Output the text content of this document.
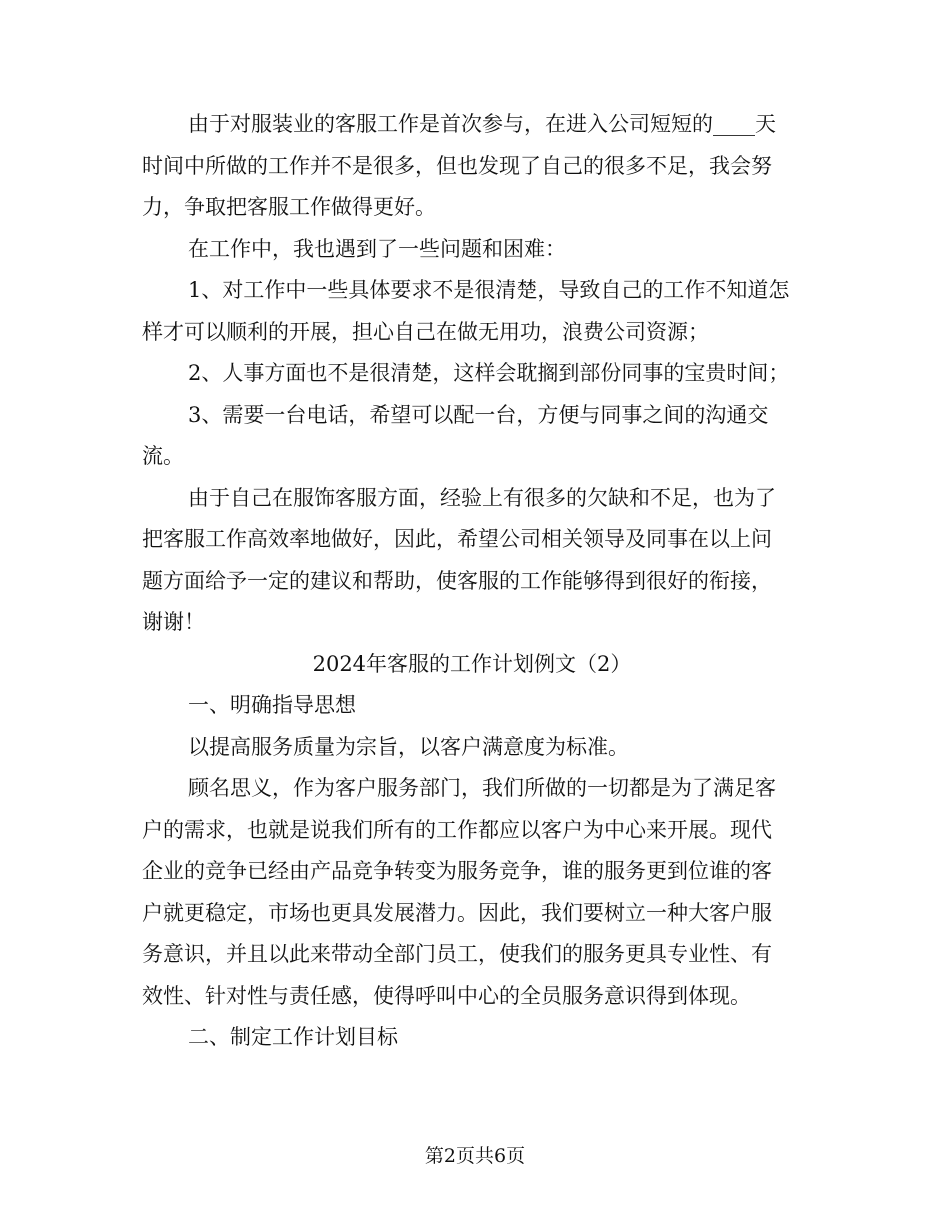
由于对服装业的客服工作是首次参与，在进入公司短短的____天
时间中所做的工作并不是很多，但也发现了自己的很多不足，我会努
力，争取把客服工作做得更好。
在工作中，我也遇到了一些问题和困难：
1、对工作中一些具体要求不是很清楚，导致自己的工作不知道怎
样才可以顺利的开展，担心自己在做无用功，浪费公司资源；
2、人事方面也不是很清楚，这样会耽搁到部份同事的宝贵时间；
3、需要一台电话，希望可以配一台，方便与同事之间的沟通交
流。
由于自己在服饰客服方面，经验上有很多的欠缺和不足，也为了
把客服工作高效率地做好，因此，希望公司相关领导及同事在以上问
题方面给予一定的建议和帮助，使客服的工作能够得到很好的衔接，
谢谢！
2024年客服的工作计划例文（2）
一、明确指导思想
以提高服务质量为宗旨，以客户满意度为标准。
顾名思义，作为客户服务部门，我们所做的一切都是为了满足客
户的需求，也就是说我们所有的工作都应以客户为中心来开展。现代
企业的竞争已经由产品竞争转变为服务竞争，谁的服务更到位谁的客
户就更稳定，市场也更具发展潜力。因此，我们要树立一种大客户服
务意识，并且以此来带动全部门员工，使我们的服务更具专业性、有
效性、针对性与责任感，使得呼叫中心的全员服务意识得到体现。
二、制定工作计划目标
第2页共6页
